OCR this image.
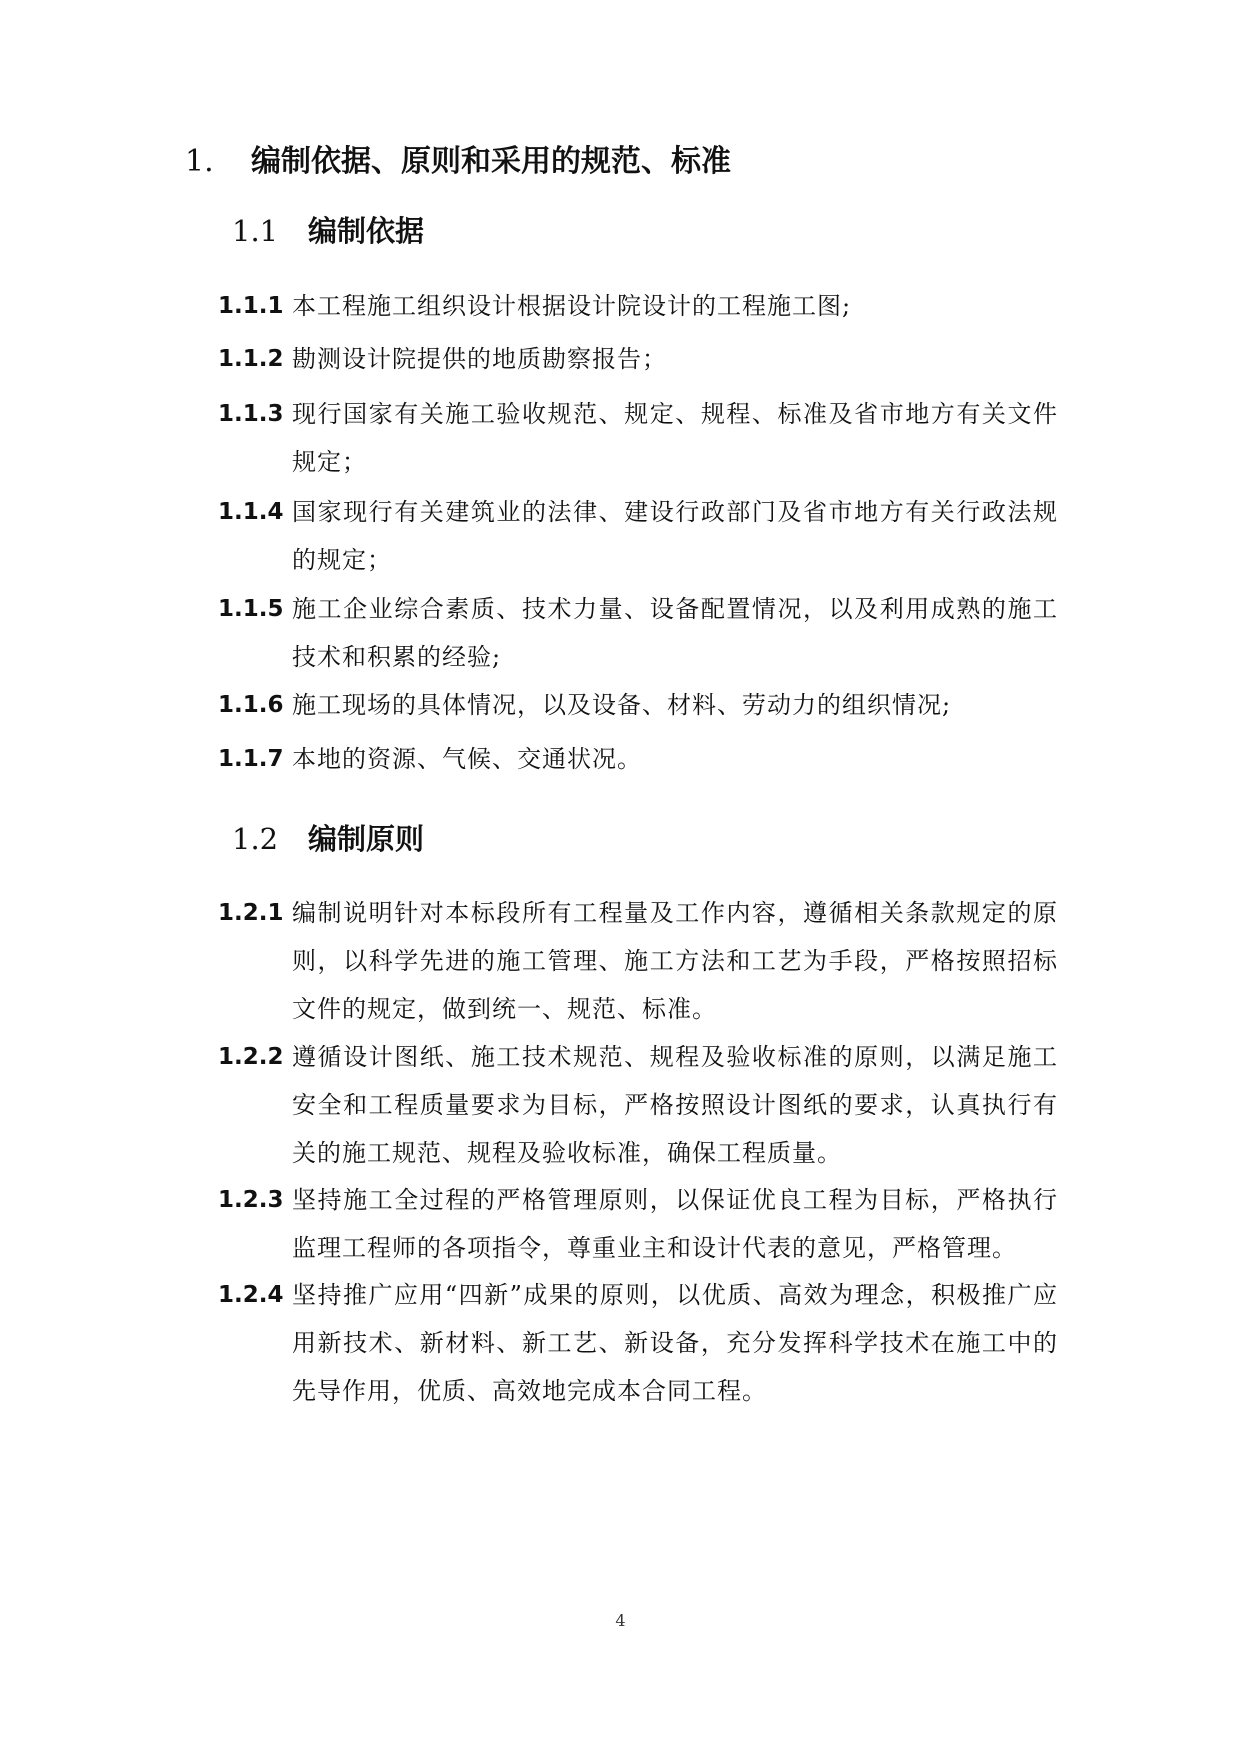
1. 编制依据、原则和采用的规范、标准
1.1 编制依据
1.1.1 本工程施工组织设计根据设计院设计的工程施工图;
1.1.2 勘测设计院提供的地质勘察报告；
1.1.3 现行国家有关施工验收规范、规定、规程、标准及省市地方有关文件规定；
1.1.4 国家现行有关建筑业的法律、建设行政部门及省市地方有关行政法规的规定；
1.1.5 施工企业综合素质、技术力量、设备配置情况，以及利用成熟的施工技术和积累的经验;
1.1.6 施工现场的具体情况，以及设备、材料、劳动力的组织情况;
1.1.7 本地的资源、气候、交通状况。
1.2 编制原则
1.2.1 编制说明针对本标段所有工程量及工作内容，遵循相关条款规定的原则，以科学先进的施工管理、施工方法和工艺为手段，严格按照招标文件的规定，做到统一、规范、标准。
1.2.2 遵循设计图纸、施工技术规范、规程及验收标准的原则，以满足施工安全和工程质量要求为目标，严格按照设计图纸的要求，认真执行有关的施工规范、规程及验收标准，确保工程质量。
1.2.3 坚持施工全过程的严格管理原则，以保证优良工程为目标，严格执行监理工程师的各项指令，尊重业主和设计代表的意见，严格管理。
1.2.4 坚持推广应用“四新”成果的原则，以优质、高效为理念，积极推广应用新技术、新材料、新工艺、新设备，充分发挥科学技术在施工中的先导作用，优质、高效地完成本合同工程。
4
